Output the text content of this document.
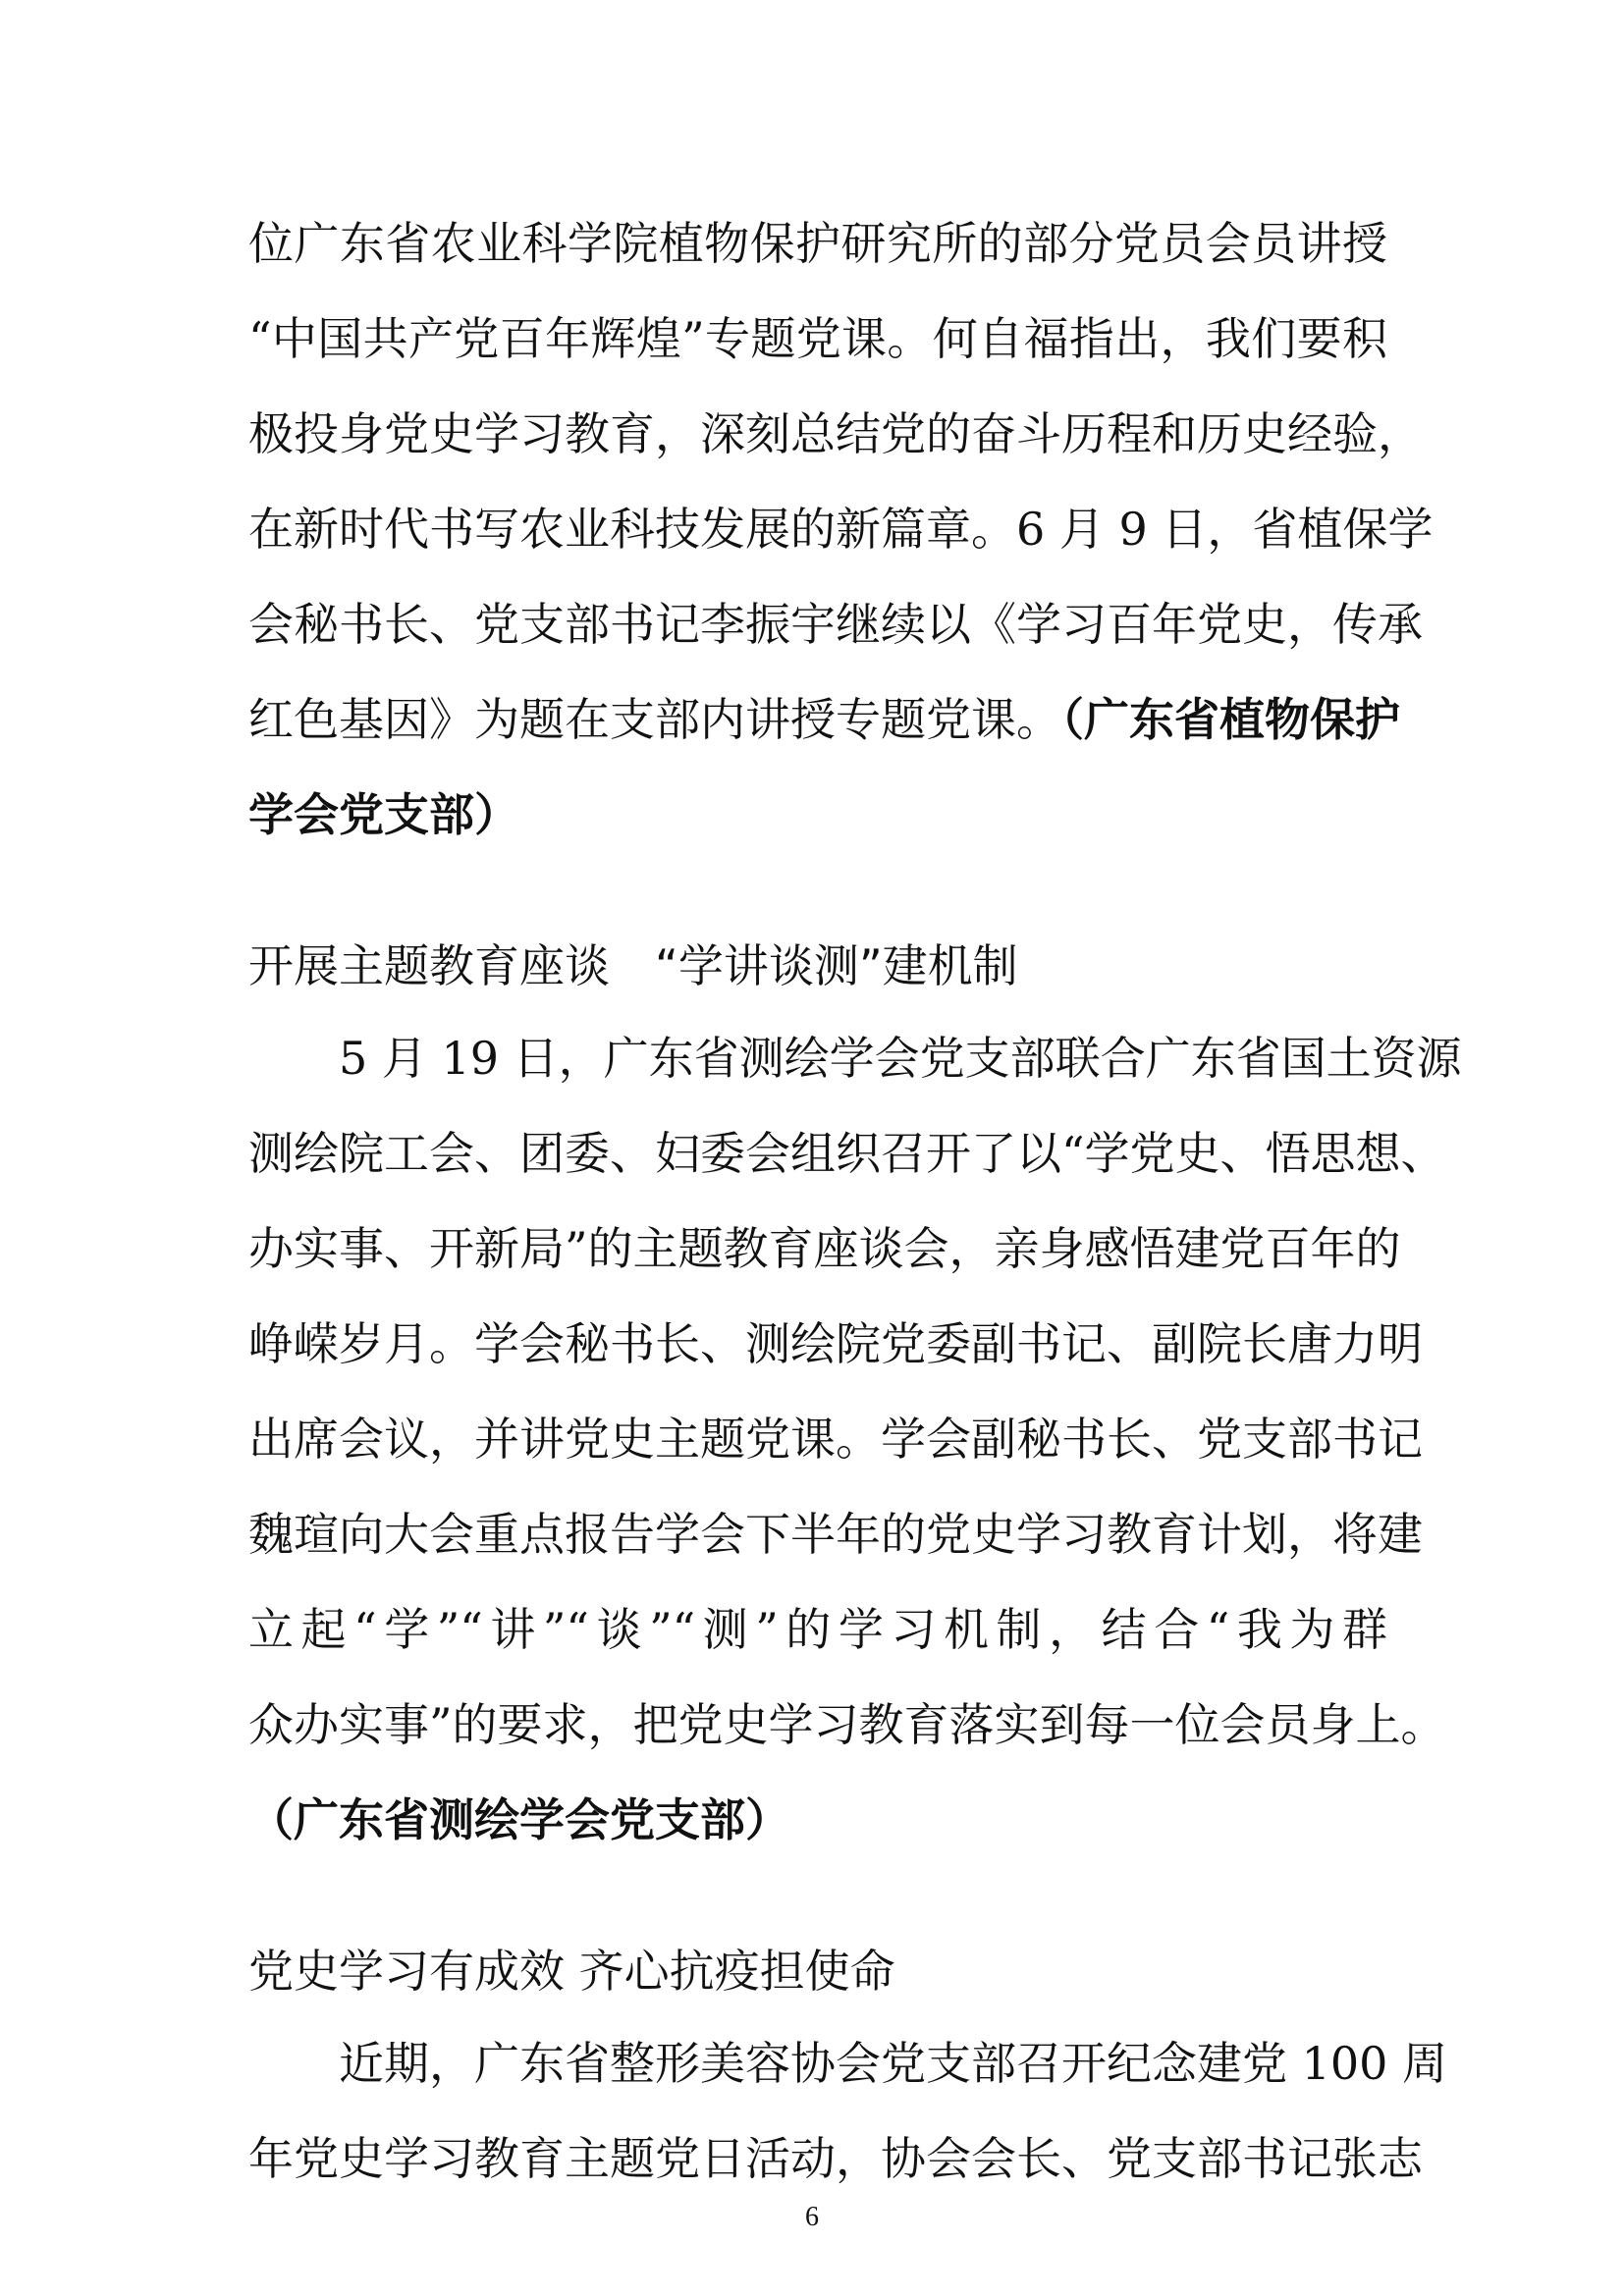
位广东省农业科学院植物保护研究所的部分党员会员讲授
“中国共产党百年辉煌”专题党课。何自福指出，我们要积
极投身党史学习教育，深刻总结党的奋斗历程和历史经验，
在新时代书写农业科技发展的新篇章。6 月 9 日，省植保学
会秘书长、党支部书记李振宇继续以《学习百年党史，传承
红色基因》为题在支部内讲授专题党课。（广东省植物保护
学会党支部）
开展主题教育座谈　“学讲谈测”建机制
5 月 19 日，广东省测绘学会党支部联合广东省国土资源
测绘院工会、团委、妇委会组织召开了以“学党史、悟思想、
办实事、开新局”的主题教育座谈会，亲身感悟建党百年的
峥嵘岁月。学会秘书长、测绘院党委副书记、副院长唐力明
出席会议，并讲党史主题党课。学会副秘书长、党支部书记
魏瑄向大会重点报告学会下半年的党史学习教育计划，将建
立起“学”“讲”“谈”“测”的学习机制，结合“我为群
众办实事”的要求，把党史学习教育落实到每一位会员身上。
（广东省测绘学会党支部）
党史学习有成效 齐心抗疫担使命
近期，广东省整形美容协会党支部召开纪念建党 100 周
年党史学习教育主题党日活动，协会会长、党支部书记张志
6
